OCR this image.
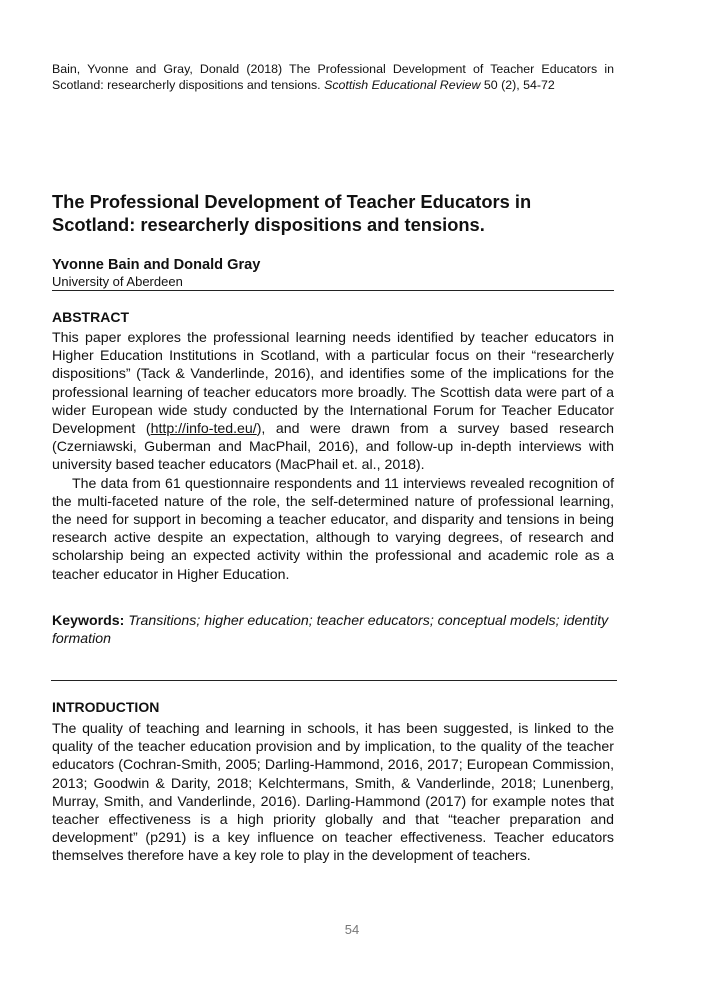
Bain, Yvonne and Gray, Donald (2018) The Professional Development of Teacher Educators in Scotland: researcherly dispositions and tensions. Scottish Educational Review 50 (2), 54-72
The Professional Development of Teacher Educators in Scotland: researcherly dispositions and tensions.
Yvonne Bain and Donald Gray
University of Aberdeen
ABSTRACT

This paper explores the professional learning needs identified by teacher educators in Higher Education Institutions in Scotland, with a particular focus on their “researcherly dispositions” (Tack & Vanderlinde, 2016), and identifies some of the implications for the professional learning of teacher educators more broadly. The Scottish data were part of a wider European wide study conducted by the International Forum for Teacher Educator Development (http://info-ted.eu/), and were drawn from a survey based research (Czerniawski, Guberman and MacPhail, 2016), and follow-up in-depth interviews with university based teacher educators (MacPhail et. al., 2018).

The data from 61 questionnaire respondents and 11 interviews revealed recognition of the multi-faceted nature of the role, the self-determined nature of professional learning, the need for support in becoming a teacher educator, and disparity and tensions in being research active despite an expectation, although to varying degrees, of research and scholarship being an expected activity within the professional and academic role as a teacher educator in Higher Education.

Keywords: Transitions; higher education; teacher educators; conceptual models; identity formation
INTRODUCTION

The quality of teaching and learning in schools, it has been suggested, is linked to the quality of the teacher education provision and by implication, to the quality of the teacher educators (Cochran-Smith, 2005; Darling-Hammond, 2016, 2017; European Commission, 2013; Goodwin & Darity, 2018; Kelchtermans, Smith, & Vanderlinde, 2018; Lunenberg, Murray, Smith, and Vanderlinde, 2016). Darling-Hammond (2017) for example notes that teacher effectiveness is a high priority globally and that “teacher preparation and development” (p291) is a key influence on teacher effectiveness. Teacher educators themselves therefore have a key role to play in the development of teachers.

54
